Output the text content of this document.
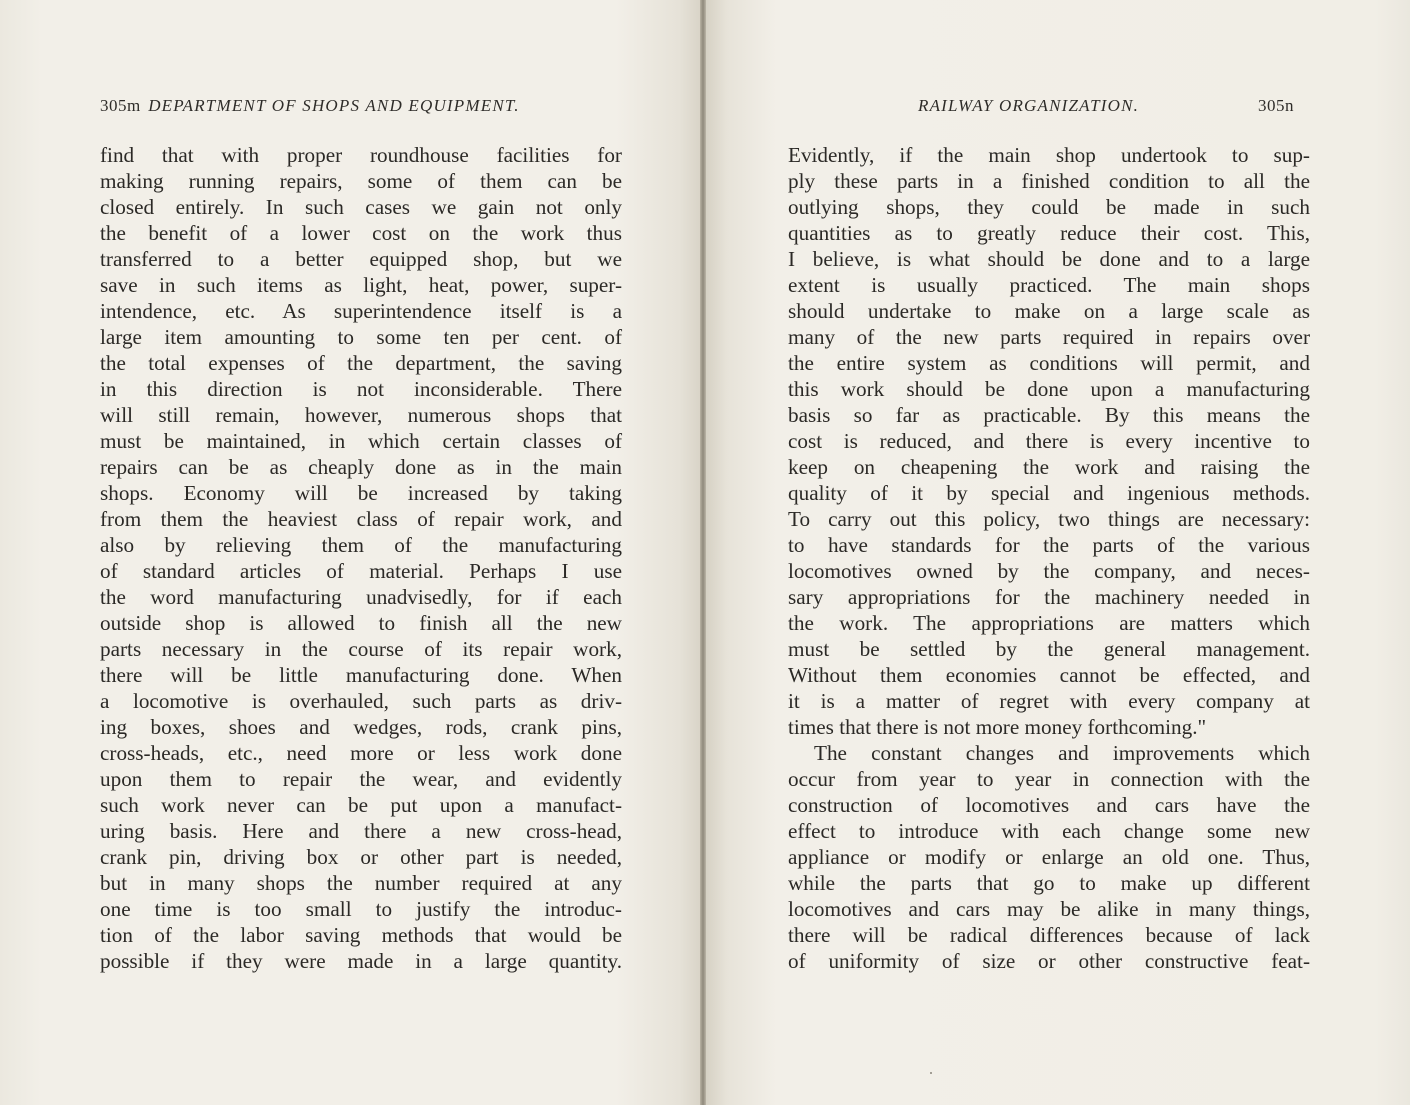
305m DEPARTMENT OF SHOPS AND EQUIPMENT.
find that with proper roundhouse facilities for
making running repairs, some of them can be
closed entirely. In such cases we gain not only
the benefit of a lower cost on the work thus
transferred to a better equipped shop, but we
save in such items as light, heat, power, super-
intendence, etc. As superintendence itself is a
large item amounting to some ten per cent. of
the total expenses of the department, the saving
in this direction is not inconsiderable. There
will still remain, however, numerous shops that
must be maintained, in which certain classes of
repairs can be as cheaply done as in the main
shops. Economy will be increased by taking
from them the heaviest class of repair work, and
also by relieving them of the manufacturing
of standard articles of material. Perhaps I use
the word manufacturing unadvisedly, for if each
outside shop is allowed to finish all the new
parts necessary in the course of its repair work,
there will be little manufacturing done. When
a locomotive is overhauled, such parts as driv-
ing boxes, shoes and wedges, rods, crank pins,
cross-heads, etc., need more or less work done
upon them to repair the wear, and evidently
such work never can be put upon a manufact-
uring basis. Here and there a new cross-head,
crank pin, driving box or other part is needed,
but in many shops the number required at any
one time is too small to justify the introduc-
tion of the labor saving methods that would be
possible if they were made in a large quantity.
RAILWAY ORGANIZATION.	305n
Evidently, if the main shop undertook to sup-
ply these parts in a finished condition to all the
outlying shops, they could be made in such
quantities as to greatly reduce their cost. This,
I believe, is what should be done and to a large
extent is usually practiced. The main shops
should undertake to make on a large scale as
many of the new parts required in repairs over
the entire system as conditions will permit, and
this work should be done upon a manufacturing
basis so far as practicable. By this means the
cost is reduced, and there is every incentive to
keep on cheapening the work and raising the
quality of it by special and ingenious methods.
To carry out this policy, two things are necessary:
to have standards for the parts of the various
locomotives owned by the company, and neces-
sary appropriations for the machinery needed in
the work. The appropriations are matters which
must be settled by the general management.
Without them economies cannot be effected, and
it is a matter of regret with every company at
times that there is not more money forthcoming."
The constant changes and improvements which
occur from year to year in connection with the
construction of locomotives and cars have the
effect to introduce with each change some new
appliance or modify or enlarge an old one. Thus,
while the parts that go to make up different
locomotives and cars may be alike in many things,
there will be radical differences because of lack
of uniformity of size or other constructive feat-
